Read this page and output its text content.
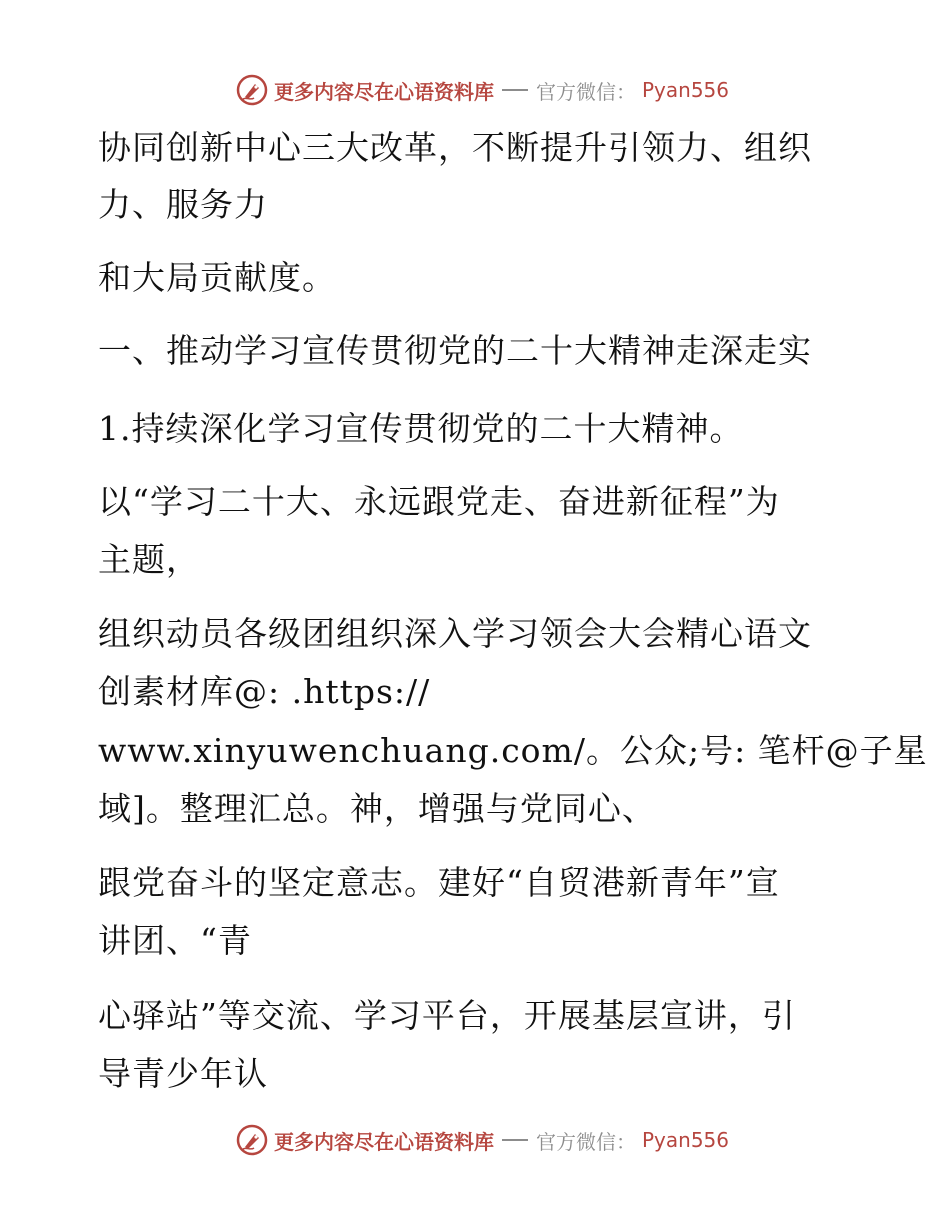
更多内容尽在心语资料库 官方微信： Pyan556
协同创新中心三大改革，不断提升引领力、组织
力、服务力
和大局贡献度。
一、推动学习宣传贯彻党的二十大精神走深走实
1.持续深化学习宣传贯彻党的二十大精神。
以“学习二十大、永远跟党走、奋进新征程”为
主题，
组织动员各级团组织深入学习领会大会精心语文
创素材库@: .https://
www.xinyuwenchuang.com/。公众;号: 笔杆@子星
域]。整理汇总。神，增强与党同心、
跟党奋斗的坚定意志。建好“自贸港新青年”宣
讲团、“青
心驿站”等交流、学习平台，开展基层宣讲，引
导青少年认
更多内容尽在心语资料库 官方微信： Pyan556
